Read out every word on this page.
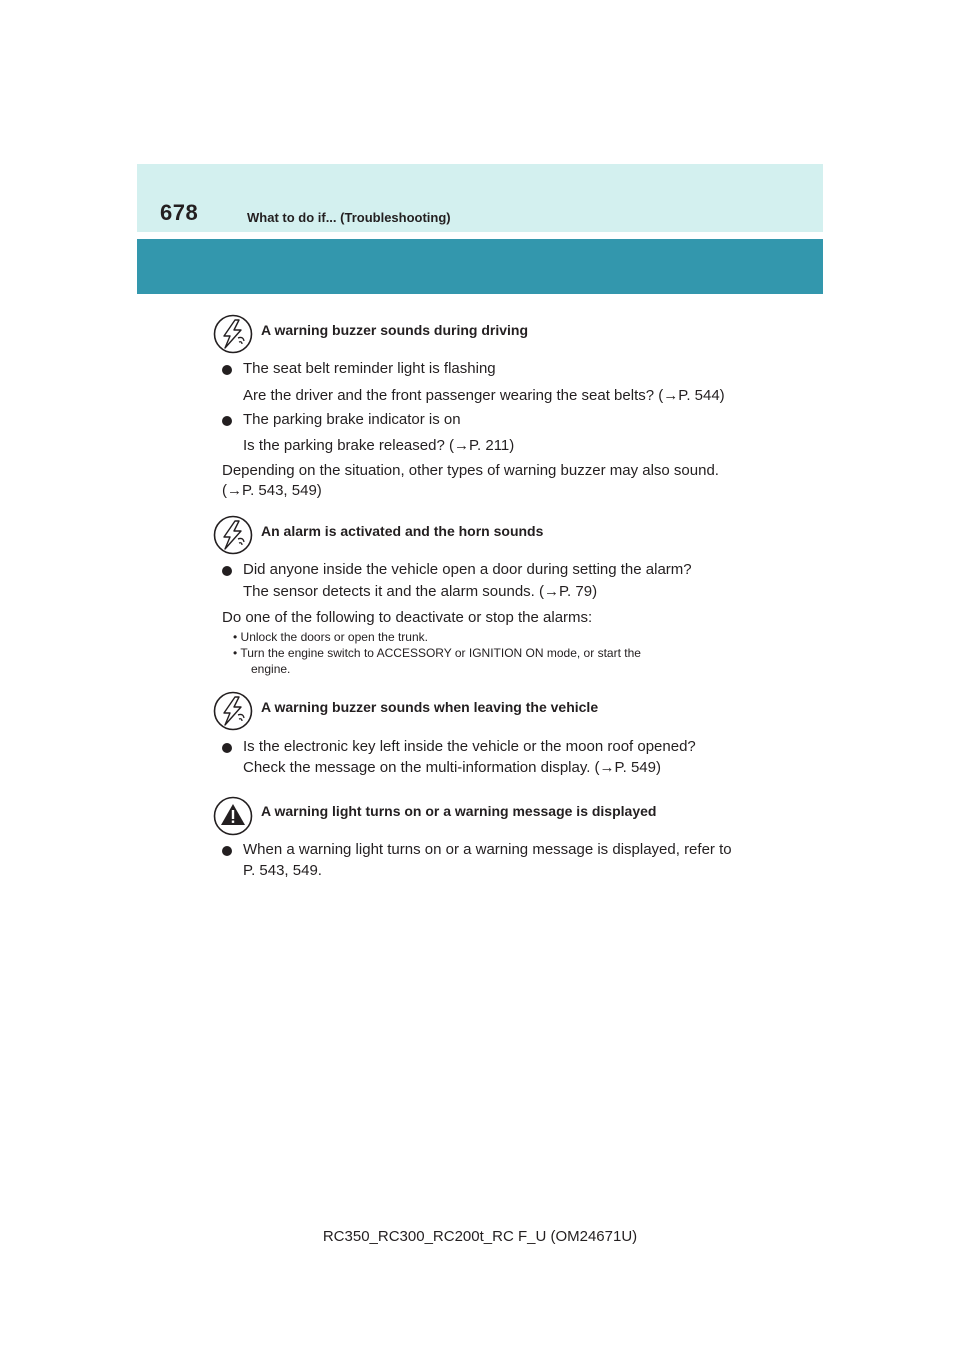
678	What to do if... (Troubleshooting)
A warning buzzer sounds during driving
The seat belt reminder light is flashing
Are the driver and the front passenger wearing the seat belts? (→P. 544)
The parking brake indicator is on
Is the parking brake released? (→P. 211)
Depending on the situation, other types of warning buzzer may also sound.
(→P. 543, 549)
An alarm is activated and the horn sounds
Did anyone inside the vehicle open a door during setting the alarm?
The sensor detects it and the alarm sounds. (→P. 79)
Do one of the following to deactivate or stop the alarms:
• Unlock the doors or open the trunk.
• Turn the engine switch to ACCESSORY or IGNITION ON mode, or start the
engine.
A warning buzzer sounds when leaving the vehicle
Is the electronic key left inside the vehicle or the moon roof opened?
Check the message on the multi-information display. (→P. 549)
A warning light turns on or a warning message is displayed
When a warning light turns on or a warning message is displayed, refer to
P. 543, 549.
RC350_RC300_RC200t_RC F_U (OM24671U)
